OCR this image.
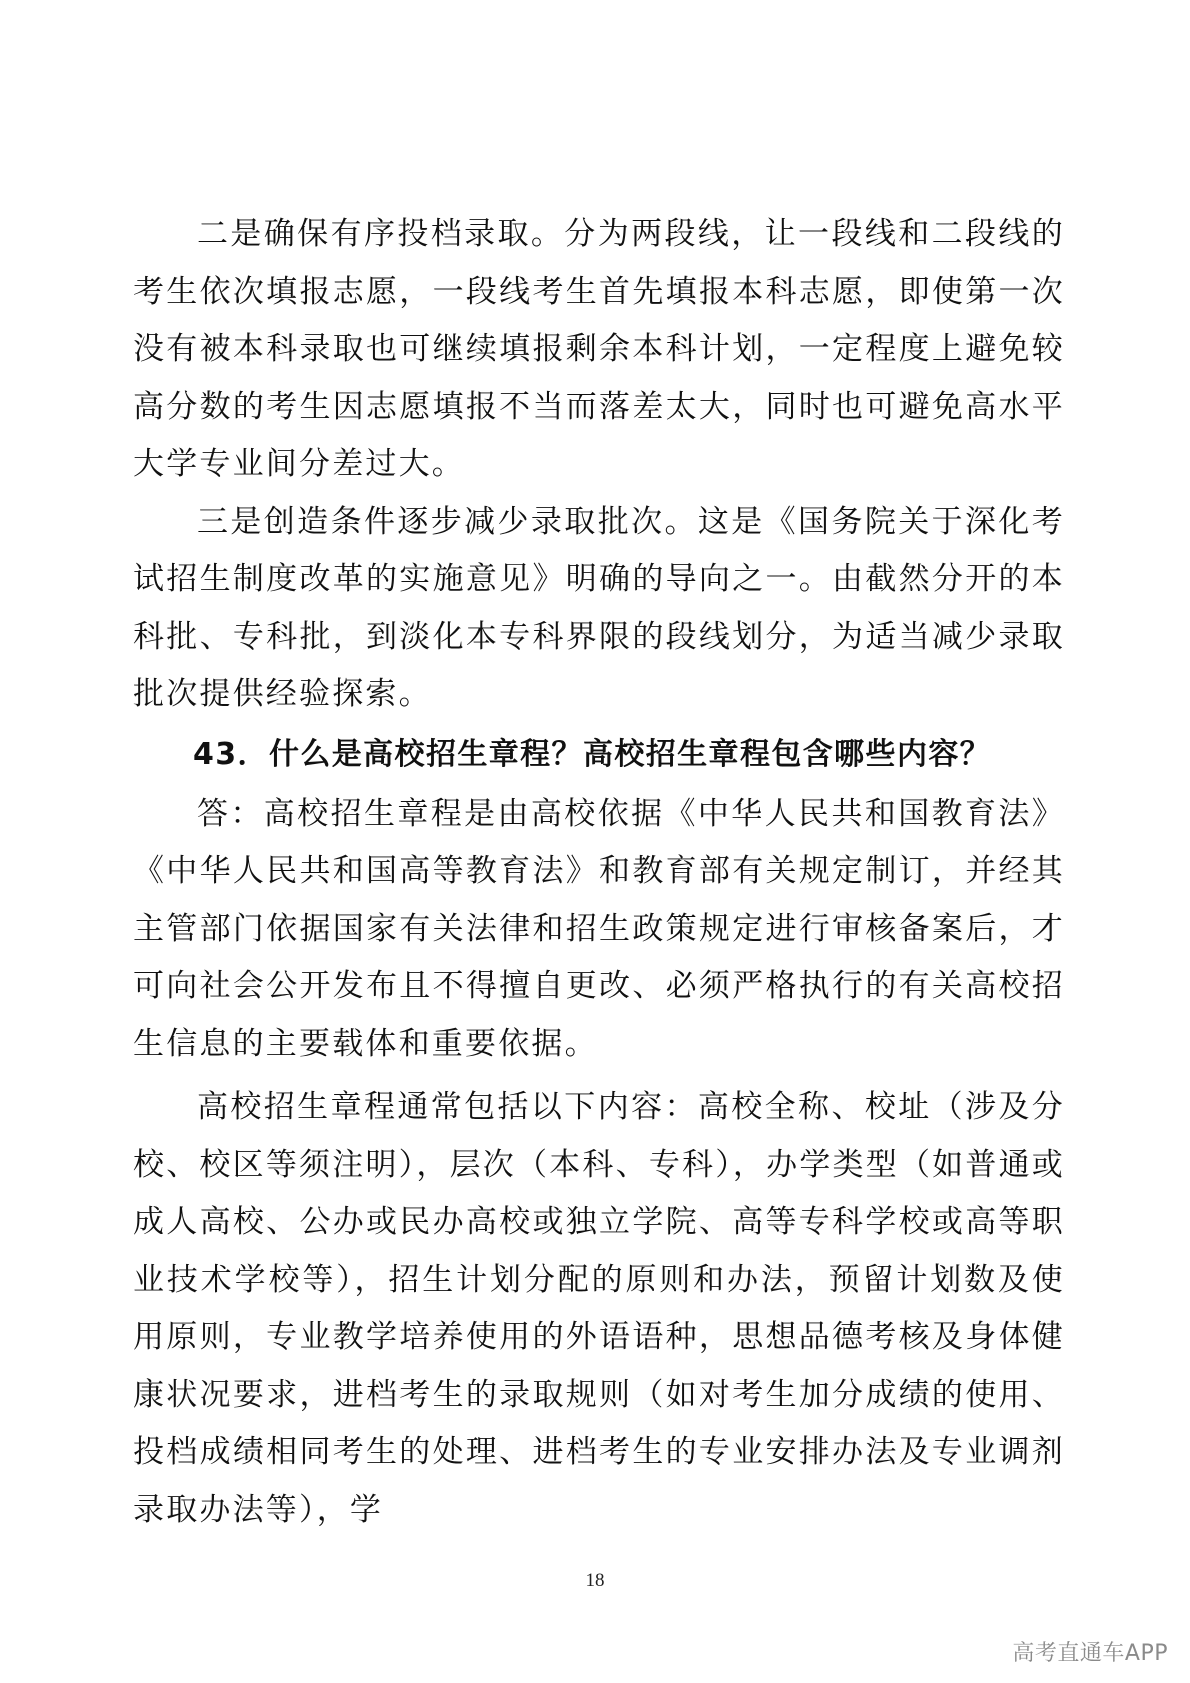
二是确保有序投档录取。分为两段线，让一段线和二段线的考生依次填报志愿，一段线考生首先填报本科志愿，即使第一次没有被本科录取也可继续填报剩余本科计划，一定程度上避免较高分数的考生因志愿填报不当而落差太大，同时也可避免高水平大学专业间分差过大。

三是创造条件逐步减少录取批次。这是《国务院关于深化考试招生制度改革的实施意见》明确的导向之一。由截然分开的本科批、专科批，到淡化本专科界限的段线划分，为适当减少录取批次提供经验探索。

43．什么是高校招生章程？高校招生章程包含哪些内容？

答：高校招生章程是由高校依据《中华人民共和国教育法》《中华人民共和国高等教育法》和教育部有关规定制订，并经其主管部门依据国家有关法律和招生政策规定进行审核备案后，才可向社会公开发布且不得擅自更改、必须严格执行的有关高校招生信息的主要载体和重要依据。

高校招生章程通常包括以下内容：高校全称、校址（涉及分校、校区等须注明），层次（本科、专科），办学类型（如普通或成人高校、公办或民办高校或独立学院、高等专科学校或高等职业技术学校等），招生计划分配的原则和办法，预留计划数及使用原则，专业教学培养使用的外语语种，思想品德考核及身体健康状况要求，进档考生的录取规则（如对考生加分成绩的使用、投档成绩相同考生的处理、进档考生的专业安排办法及专业调剂录取办法等），学

18
高考直通车APP
